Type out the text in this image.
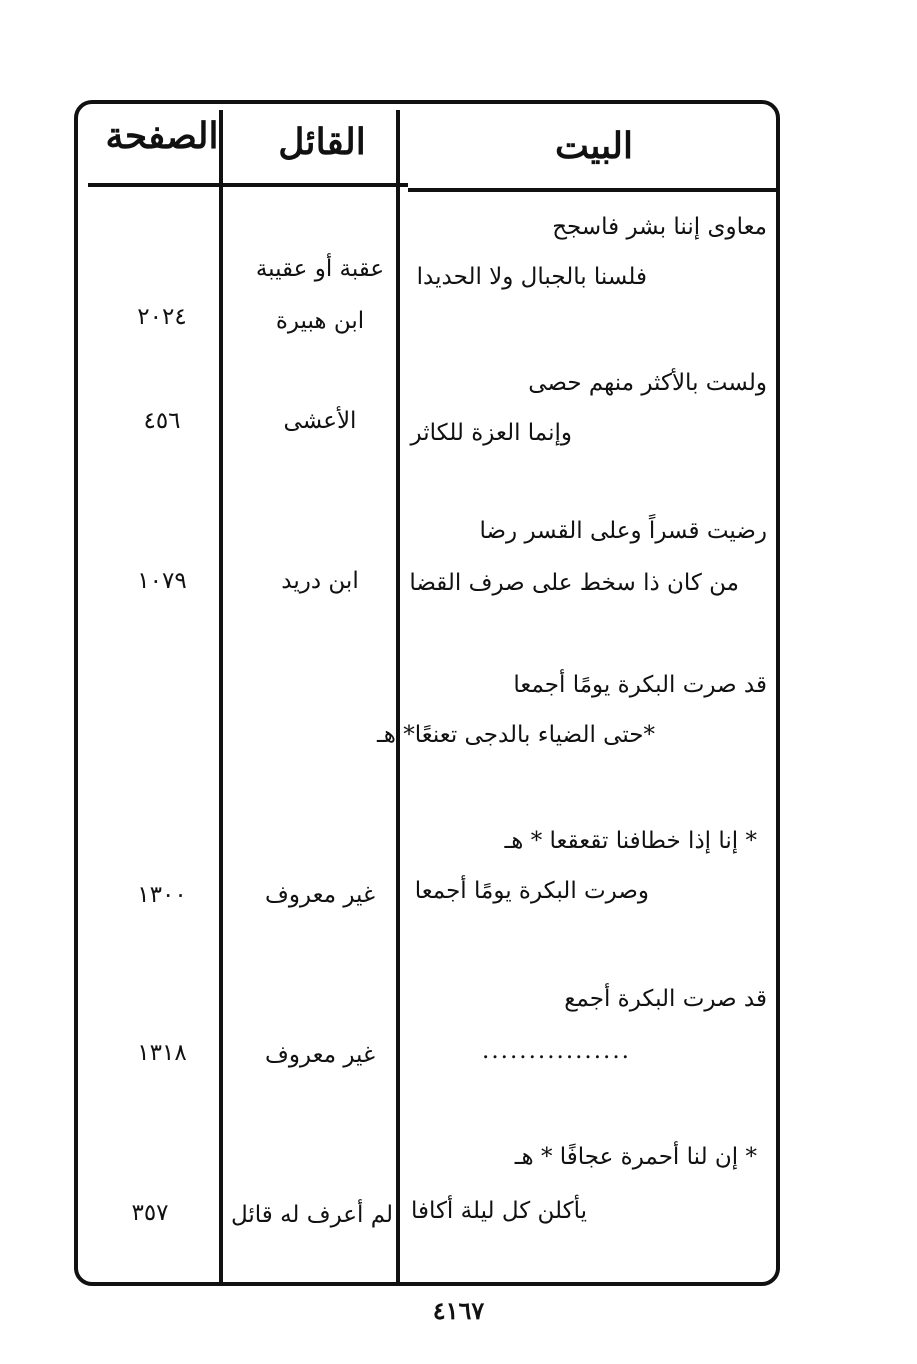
البيت
القائل
الصفحة
معاوى إننا بشر فاسجح
فلسنا بالجبال ولا الحديدا
عقبة أو عقيبة
ابن هبيرة
٢٠٢٤
ولست بالأكثر منهم حصى
وإنما العزة للكاثر
الأعشى
٤٥٦
رضيت قسراً وعلى القسر رضا
من كان ذا سخط على صرف القضا
ابن دريد
١٠٧٩
قد صرت البكرة يومًا أجمعا
*حتى الضياء بالدجى تعنعًا* هـ
* إنا إذا خطافنا تقعقعا * هـ
وصرت البكرة يومًا أجمعا
غير معروف
١٣٠٠
قد صرت البكرة أجمع
................
غير معروف
١٣١٨
* إن لنا أحمرة عجافًا * هـ
يأكلن كل ليلة أكافا
لم أعرف له قائل
٣٥٧
٤١٦٧
